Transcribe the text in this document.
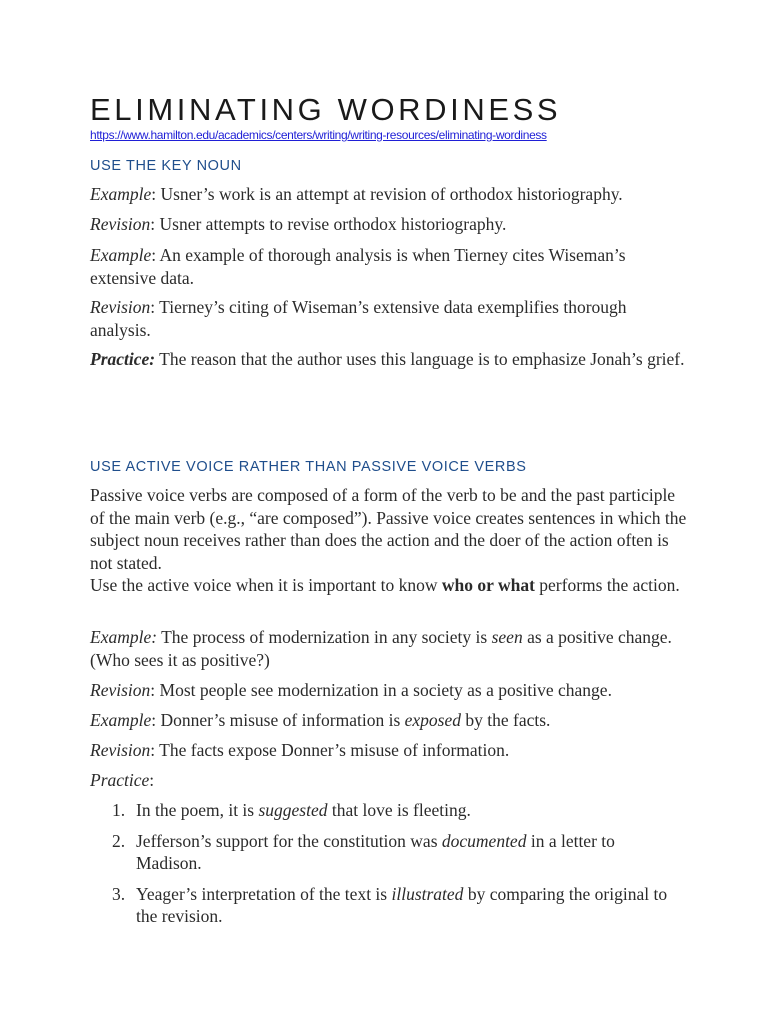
ELIMINATING WORDINESS
https://www.hamilton.edu/academics/centers/writing/writing-resources/eliminating-wordiness
USE THE KEY NOUN

Example: Usner’s work is an attempt at revision of orthodox historiography.

Revision: Usner attempts to revise orthodox historiography.

Example: An example of thorough analysis is when Tierney cites Wiseman’s extensive data.

Revision: Tierney’s citing of Wiseman’s extensive data exemplifies thorough analysis.

Practice: The reason that the author uses this language is to emphasize Jonah’s grief.

USE ACTIVE VOICE RATHER THAN PASSIVE VOICE VERBS

Passive voice verbs are composed of a form of the verb to be and the past participle of the main verb (e.g., “are composed”). Passive voice creates sentences in which the subject noun receives rather than does the action and the doer of the action often is not stated.

Use the active voice when it is important to know who or what performs the action.

Example: The process of modernization in any society is seen as a positive change. (Who sees it as positive?)

Revision: Most people see modernization in a society as a positive change.

Example: Donner’s misuse of information is exposed by the facts.

Revision: The facts expose Donner’s misuse of information.

Practice:

1. In the poem, it is suggested that love is fleeting.
2. Jefferson’s support for the constitution was documented in a letter to Madison.
3. Yeager’s interpretation of the text is illustrated by comparing the original to the revision.
